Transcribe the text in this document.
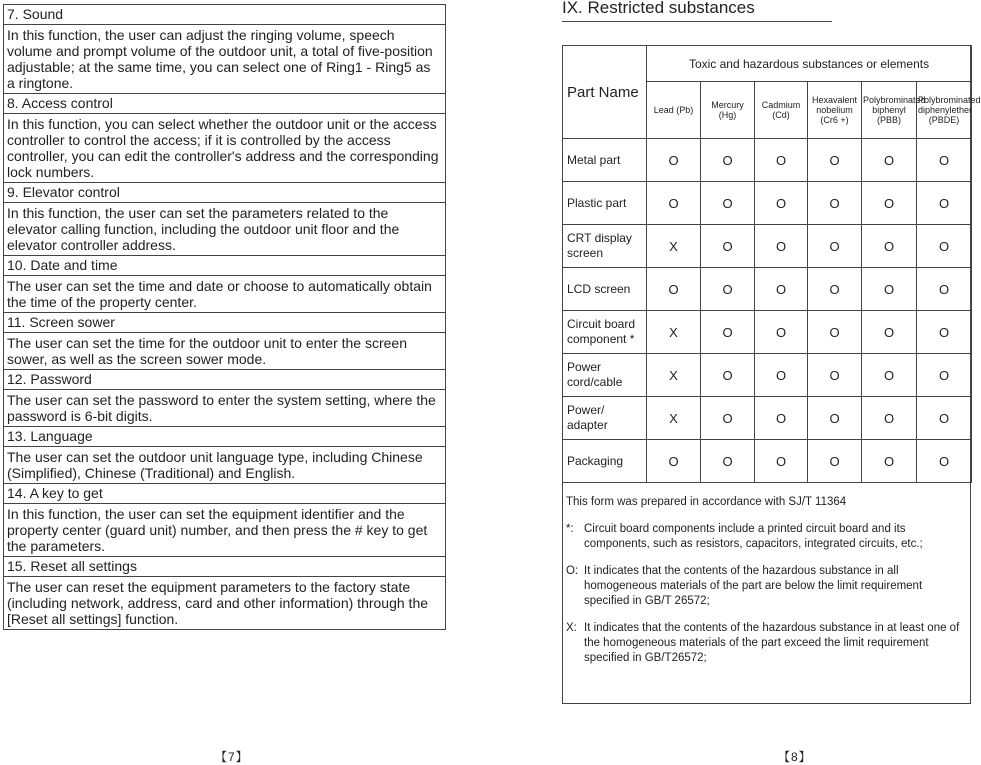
7. Sound
In this function, the user can adjust the ringing volume, speech volume and prompt volume of the outdoor unit, a total of five-position adjustable; at the same time, you can select one of Ring1 - Ring5 as a ringtone.
8. Access control
In this function, you can select whether the outdoor unit or the access controller to control the access; if it is controlled by the access controller, you can edit the controller's address and the corresponding lock numbers.
9. Elevator control
In this function, the user can set the parameters related to the elevator calling function, including the outdoor unit floor and the elevator controller address.
10. Date and time
The user can set the time and date or choose to automatically obtain the time of the property center.
11. Screen sower
The user can set the time for the outdoor unit to enter the screen sower, as well as the screen sower mode.
12. Password
The user can set the password to enter the system setting, where the password is 6-bit digits.
13. Language
The user can set the outdoor unit language type, including Chinese (Simplified), Chinese (Traditional) and English.
14. A key to get
In this function, the user can set the equipment identifier and the property center (guard unit) number, and then press the # key to get the parameters.
15. Reset all settings
The user can reset the equipment parameters to the factory state (including network, address, card and other information) through the [Reset all settings] function.
【7】
IX. Restricted substances
Part Name	Toxic and hazardous substances or elements					
	Lead (Pb)	Mercury (Hg)	Cadmium (Cd)	Hexavalent nobelium (Cr6 +)	Polybrominated biphenyl (PBB)	Polybrominated diphenylether (PBDE)
Metal part	O	O	O	O	O	O
Plastic part	O	O	O	O	O	O
CRT display screen	X	O	O	O	O	O
LCD screen	O	O	O	O	O	O
Circuit board component *	X	O	O	O	O	O
Power cord/cable	X	O	O	O	O	O
Power/ adapter	X	O	O	O	O	O
Packaging	O	O	O	O	O	O
This form was prepared in accordance with SJ/T 11364
*: Circuit board components include a printed circuit board and its components, such as resistors, capacitors, integrated circuits, etc.;
O: It indicates that the contents of the hazardous substance in all homogeneous materials of the part are below the limit requirement specified in GB/T 26572;
X: It indicates that the contents of the hazardous substance in at least one of the homogeneous materials of the part exceed the limit requirement specified in GB/T26572;
【8】
